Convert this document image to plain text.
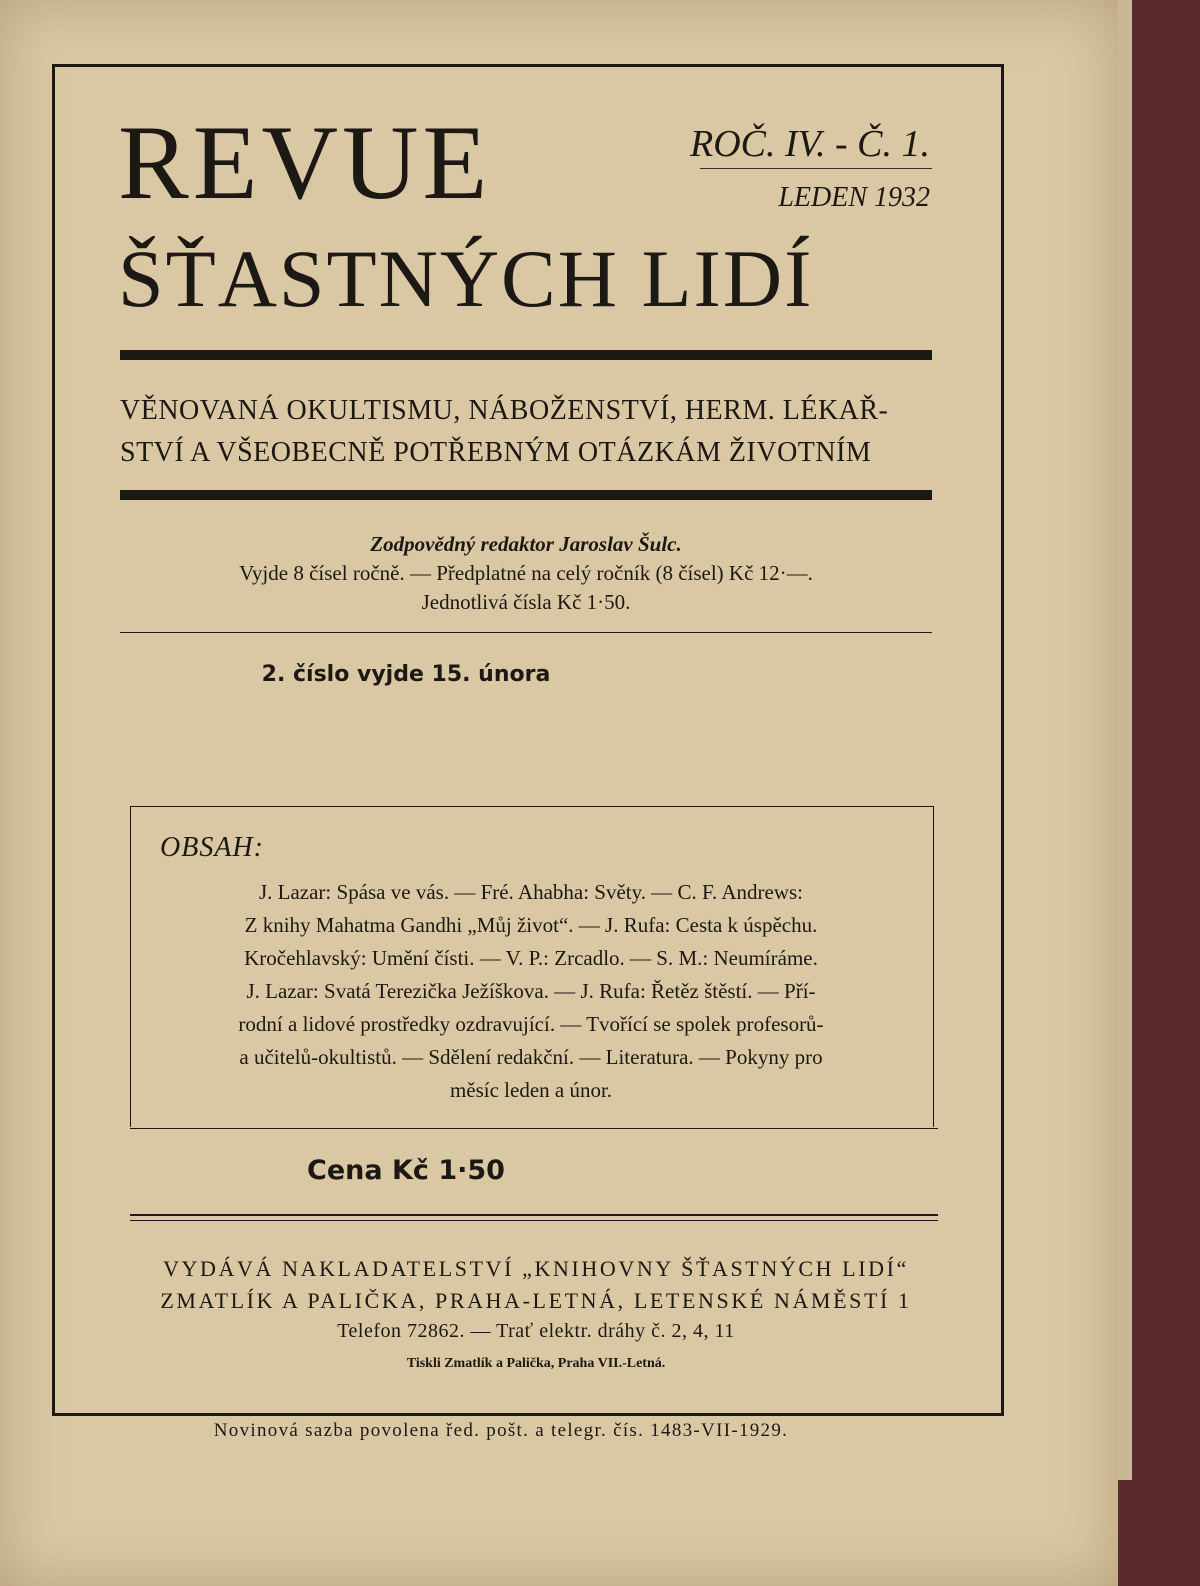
REVUE	ROČ. IV. - Č. 1.
LEDEN 1932
ŠŤASTNÝCH LIDÍ
VĚNOVANÁ OKULTISMU, NÁBOŽENSTVÍ, HERM. LÉKAŘ-
STVÍ A VŠEOBECNĚ POTŘEBNÝM OTÁZKÁM ŽIVOTNÍM
Zodpovědný redaktor Jaroslav Šulc.
Vyjde 8 čísel ročně. — Předplatné na celý ročník (8 čísel) Kč 12·—.
Jednotlivá čísla Kč 1·50.
2. číslo vyjde 15. února
OBSAH:
J. Lazar: Spása ve vás. — Fré. Ahabha: Světy. — C. F. Andrews:
Z knihy Mahatma Gandhi „Můj život“. — J. Rufa: Cesta k úspěchu.
Kročehlavský: Umění čísti. — V. P.: Zrcadlo. — S. M.: Neumíráme.
J. Lazar: Svatá Terezička Ježíškova. — J. Rufa: Řetěz štěstí. — Pří-
rodní a lidové prostředky ozdravující. — Tvořící se spolek profesorů-
a učitelů-okultistů. — Sdělení redakční. — Literatura. — Pokyny pro
měsíc leden a únor.
Cena Kč 1·50
VYDÁVÁ NAKLADATELSTVÍ „KNIHOVNY ŠŤASTNÝCH LIDÍ“
ZMATLÍK A PALIČKA, PRAHA-LETNÁ, LETENSKÉ NÁMĚSTÍ 1
Telefon 72862. — Trať elektr. dráhy č. 2, 4, 11
Tiskli Zmatlík a Palička, Praha VII.-Letná.
Novinová sazba povolena řed. pošt. a telegr. čís. 1483-VII-1929.
